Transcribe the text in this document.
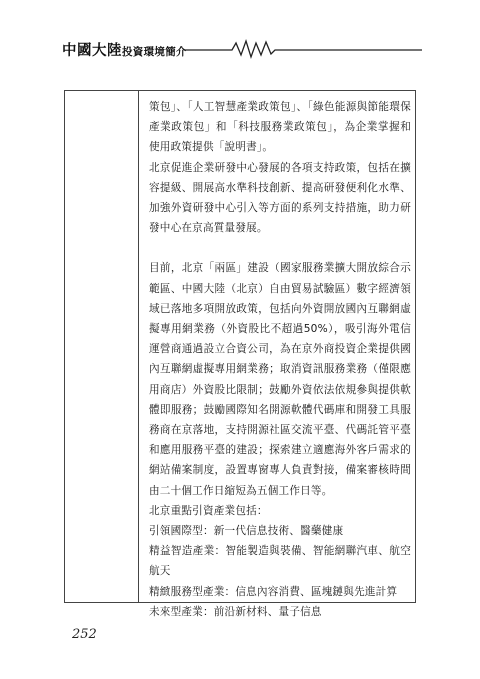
中國大陸投資環境簡介

策包」、「人工智慧產業政策包」、「綠色能源與節能環保產業政策包」和「科技服務業政策包」，為企業掌握和使用政策提供「說明書」。

北京促進企業研發中心發展的各項支持政策，包括在擴容提級、開展高水準科技創新、提高研發便利化水準、加強外資研發中心引入等方面的系列支持措施，助力研發中心在京高質量發展。

目前，北京「兩區」建設（國家服務業擴大開放綜合示範區、中國大陸（北京）自由貿易試驗區）數字經濟領域已落地多項開放政策，包括向外資開放國內互聯網虛擬專用網業務（外資股比不超過50%），吸引海外電信運營商通過設立合資公司，為在京外商投資企業提供國內互聯網虛擬專用網業務；取消資訊服務業務（僅限應用商店）外資股比限制；鼓勵外資依法依規參與提供軟體即服務；鼓勵國際知名開源軟體代碼庫和開發工具服務商在京落地，支持開源社區交流平臺、代碼託管平臺和應用服務平臺的建設；探索建立適應海外客戶需求的網站備案制度，設置專窗專人負責對接，備案審核時間由二十個工作日縮短為五個工作日等。

北京重點引資產業包括：

引領國際型：新一代信息技術、醫藥健康

精益智造產業：智能製造與裝備、智能網聯汽車、航空航天

精緻服務型產業：信息內容消費、區塊鏈與先進計算

未來型產業：前沿新材料、量子信息

252
